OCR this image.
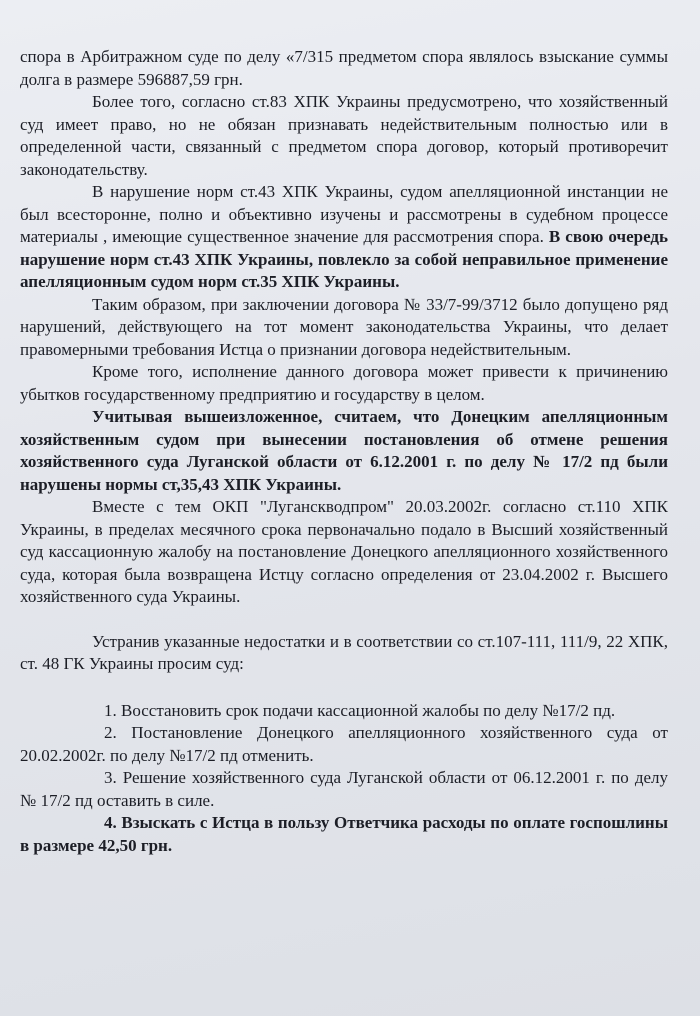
спора в Арбитражном суде по делу «7/315 предметом спора являлось взыскание суммы долга в размере 596887,59 грн.

Более того, согласно ст.83 ХПК Украины предусмотрено, что хозяйственный суд имеет право, но не обязан признавать недействительным полностью или в определенной части, связанный с предметом спора договор, который противоречит законодательству.

В нарушение норм ст.43 ХПК Украины, судом апелляционной инстанции не был всесторонне, полно и объективно изучены и рассмотрены в судебном процессе материалы , имеющие существенное значение для рассмотрения спора. В свою очередь нарушение норм ст.43 ХПК Украины, повлекло за собой неправильное применение апелляционным судом норм ст.35 ХПК Украины.

Таким образом, при заключении договора № 33/7-99/3712 было допущено ряд нарушений, действующего на тот момент законодательства Украины, что делает правомерными требования Истца о признании договора недействительным.

Кроме того, исполнение данного договора может привести к причинению убытков государственному предприятию и государству в целом.

Учитывая вышеизложенное, считаем, что Донецким апелляционным хозяйственным судом при вынесении постановления об отмене решения хозяйственного суда Луганской области от 6.12.2001 г. по делу № 17/2 пд были нарушены нормы ст,35,43 ХПК Украины.

Вместе с тем ОКП "Луганскводпром" 20.03.2002г. согласно ст.110 ХПК Украины, в пределах месячного срока первоначально подало в Высший хозяйственный суд кассационную жалобу на постановление Донецкого апелляционного хозяйственного суда, которая была возвращена Истцу согласно определения от 23.04.2002 г. Высшего хозяйственного суда Украины.

Устранив указанные недостатки и в соответствии со ст.107-111, 111/9, 22 ХПК, ст. 48 ГК Украины просим суд:

1. Восстановить срок подачи кассационной жалобы по делу №17/2 пд.

2. Постановление Донецкого апелляционного хозяйственного суда от 20.02.2002г. по делу №17/2 пд отменить.

3. Решение хозяйственного суда Луганской области от 06.12.2001 г. по делу № 17/2 пд оставить в силе.

4. Взыскать с Истца в пользу Ответчика расходы по оплате госпошлины в размере 42,50 грн.
